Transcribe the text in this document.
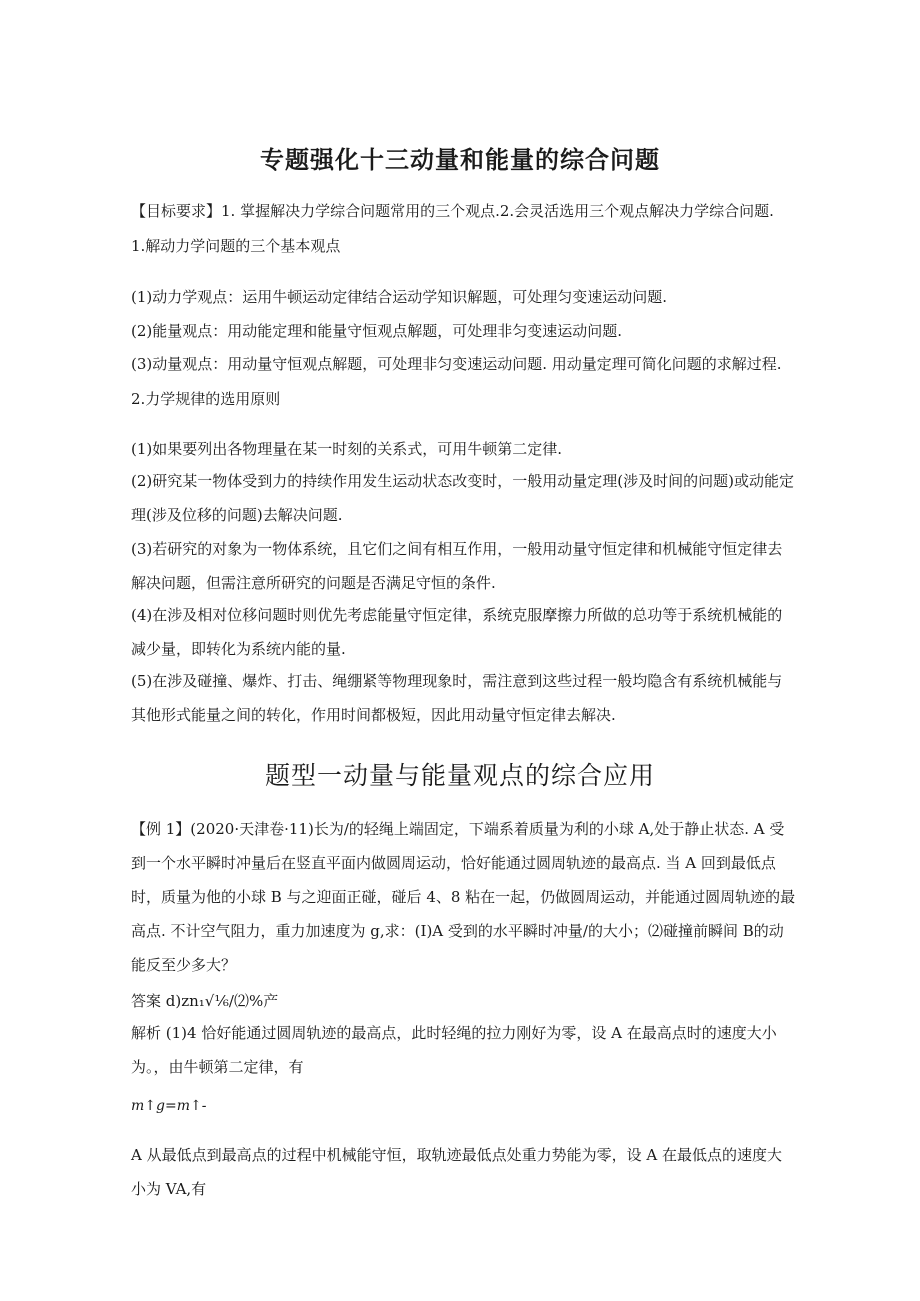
专题强化十三动量和能量的综合问题
【目标要求】1. 掌握解决力学综合问题常用的三个观点.2.会灵活选用三个观点解决力学综合问题.
1.解动力学问题的三个基本观点
(1)动力学观点：运用牛顿运动定律结合运动学知识解题，可处理匀变速运动问题.
(2)能量观点：用动能定理和能量守恒观点解题，可处理非匀变速运动问题.
(3)动量观点：用动量守恒观点解题，可处理非匀变速运动问题. 用动量定理可简化问题的求解过程.
2.力学规律的选用原则
(1)如果要列出各物理量在某一时刻的关系式，可用牛顿第二定律.
(2)研究某一物体受到力的持续作用发生运动状态改变时，一般用动量定理(涉及时间的问题)或动能定理(涉及位移的问题)去解决问题.
(3)若研究的对象为一物体系统，且它们之间有相互作用，一般用动量守恒定律和机械能守恒定律去解决问题，但需注意所研究的问题是否满足守恒的条件.
(4)在涉及相对位移问题时则优先考虑能量守恒定律，系统克服摩擦力所做的总功等于系统机械能的减少量，即转化为系统内能的量.
(5)在涉及碰撞、爆炸、打击、绳绷紧等物理现象时，需注意到这些过程一般均隐含有系统机械能与其他形式能量之间的转化，作用时间都极短，因此用动量守恒定律去解决.
题型一动量与能量观点的综合应用
【例 1】(2020·天津卷·11)长为/的轻绳上端固定，下端系着质量为利的小球 A,处于静止状态. A 受到一个水平瞬时冲量后在竖直平面内做圆周运动，恰好能通过圆周轨迹的最高点. 当 A 回到最低点时，质量为他的小球 B 与之迎面正碰，碰后 4、8 粘在一起，仍做圆周运动，并能通过圆周轨迹的最高点. 不计空气阻力，重力加速度为 g,求：(I)A 受到的水平瞬时冲量/的大小；⑵碰撞前瞬间 B的动能反至少多大？
答案 d)zn₁√⅙/⑵%产
解析 (1)4 恰好能通过圆周轨迹的最高点，此时轻绳的拉力刚好为零，设 A 在最高点时的速度大小为。，由牛顿第二定律，有
m↑g=m↑-
A 从最低点到最高点的过程中机械能守恒，取轨迹最低点处重力势能为零，设 A 在最低点的速度大小为 VA,有
